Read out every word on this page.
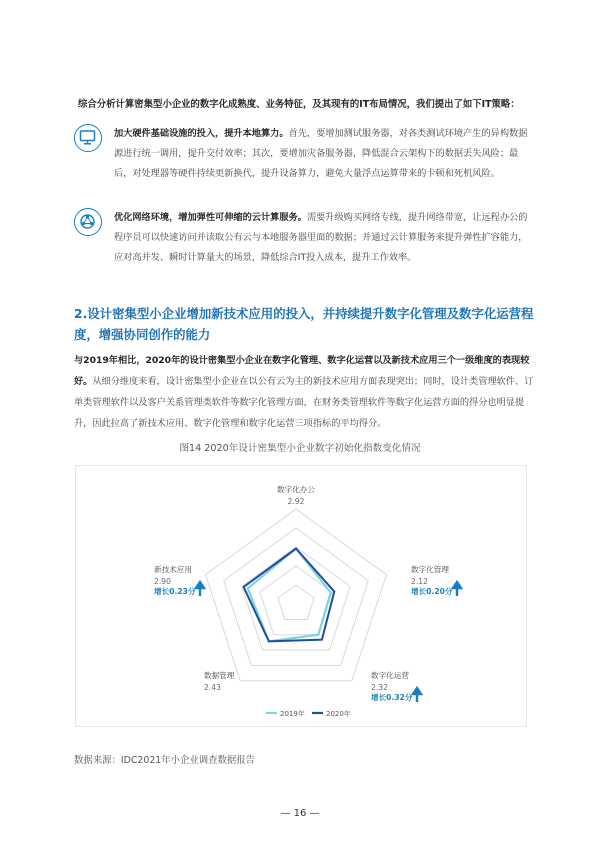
综合分析计算密集型小企业的数字化成熟度、业务特征，及其现有的IT布局情况，我们提出了如下IT策略：
加大硬件基础设施的投入，提升本地算力。首先，要增加测试服务器，对各类测试环境产生的异构数据源进行统一调用，提升交付效率；其次，要增加灾备服务器，降低混合云架构下的数据丢失风险；最后，对处理器等硬件持续更新换代，提升设备算力，避免大量浮点运算带来的卡顿和死机风险。
优化网络环境，增加弹性可伸缩的云计算服务。需要升级购买网络专线，提升网络带宽，让远程办公的程序员可以快速访问并读取公有云与本地服务器里面的数据；并通过云计算服务来提升弹性扩容能力，应对高并发、瞬时计算量大的场景，降低综合IT投入成本，提升工作效率。
2.设计密集型小企业增加新技术应用的投入，并持续提升数字化管理及数字化运营程度，增强协同创作的能力
与2019年相比，2020年的设计密集型小企业在数字化管理、数字化运营以及新技术应用三个一级维度的表现较好。从细分维度来看，设计密集型小企业在以公有云为主的新技术应用方面表现突出；同时，设计类管理软件、订单类管理软件以及客户关系管理类软件等数字化管理方面，在财务类管理软件等数字化运营方面的得分也明显提升，因此拉高了新技术应用、数字化管理和数字化运营三项指标的平均得分。
图14 2020年设计密集型小企业数字初始化指数变化情况
数字化办公
2.92
数字化管理
2.12
增长0.20分
数字化运营
2.32
增长0.32分
数据管理
2.43
新技术应用
2.90
增长0.23分
2019年	2020年
数据来源：IDC2021年小企业调查数据报告
— 16 —
